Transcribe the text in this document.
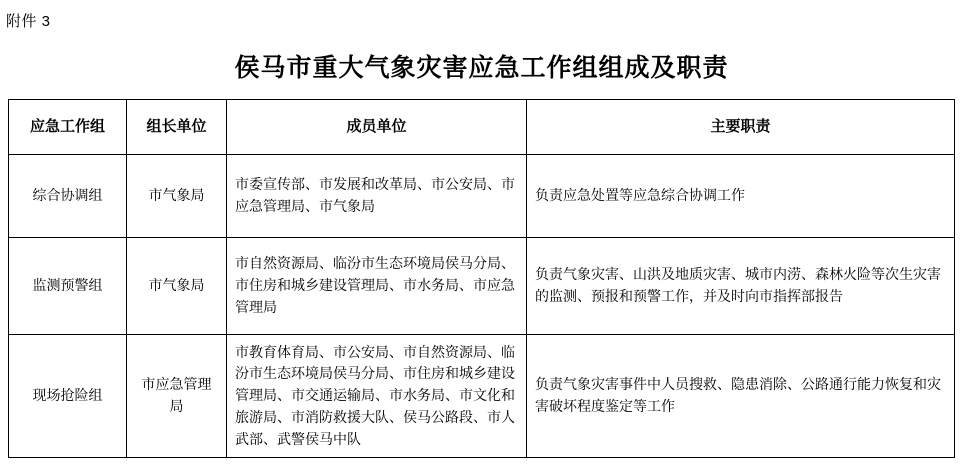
附件 3
侯马市重大气象灾害应急工作组组成及职责
应急工作组	组长单位	成员单位	主要职责
综合协调组	市气象局	市委宣传部、市发展和改革局、市公安局、市应急管理局、市气象局	负责应急处置等应急综合协调工作
监测预警组	市气象局	市自然资源局、临汾市生态环境局侯马分局、市住房和城乡建设管理局、市水务局、市应急管理局	负责气象灾害、山洪及地质灾害、城市内涝、森林火险等次生灾害的监测、预报和预警工作，并及时向市指挥部报告
现场抢险组	市应急管理局	市教育体育局、市公安局、市自然资源局、临汾市生态环境局侯马分局、市住房和城乡建设管理局、市交通运输局、市水务局、市文化和旅游局、市消防救援大队、侯马公路段、市人武部、武警侯马中队	负责气象灾害事件中人员搜救、隐患消除、公路通行能力恢复和灾害破坏程度鉴定等工作
